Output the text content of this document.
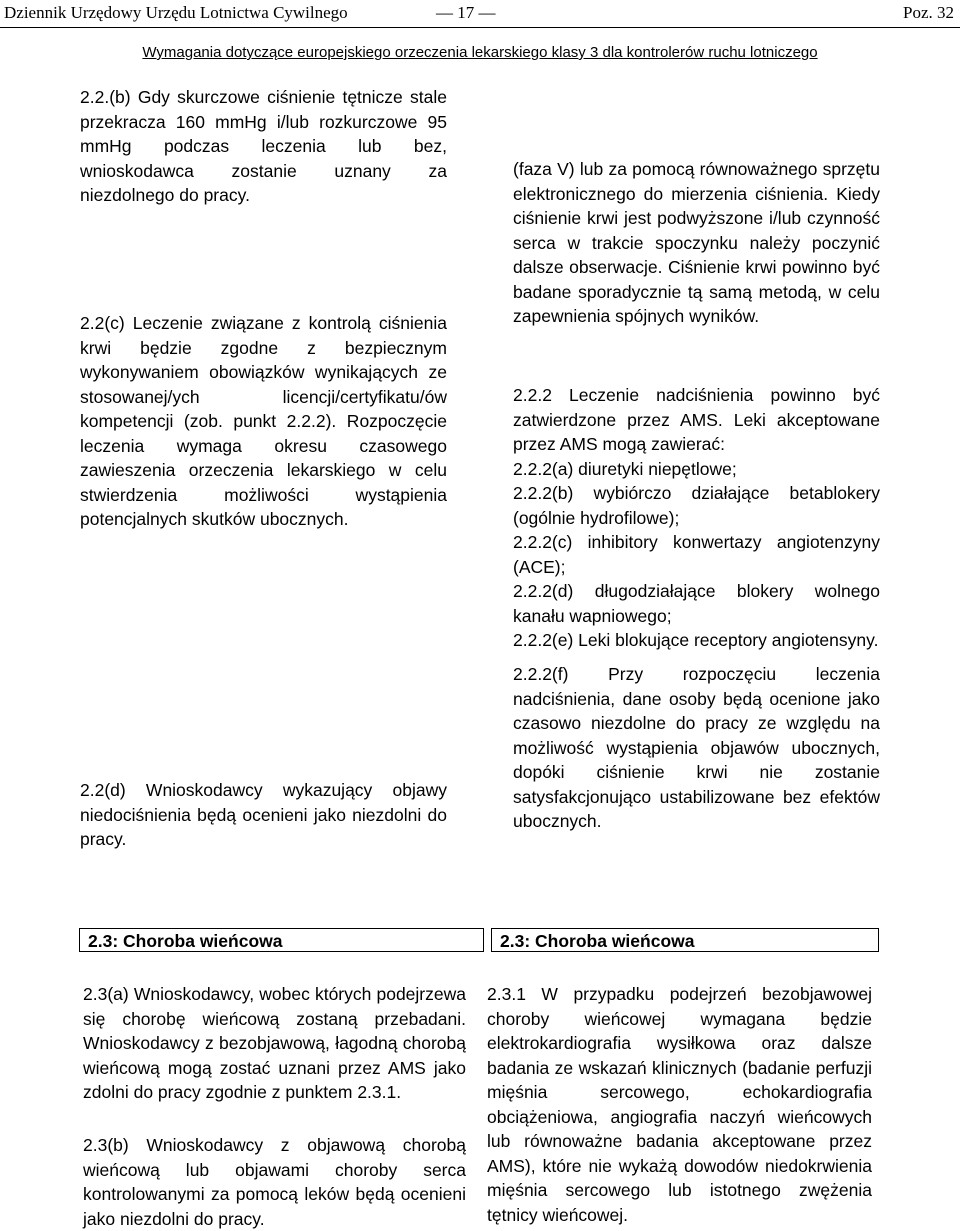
Dziennik Urzędowy Urzędu Lotnictwa Cywilnego	— 17 —	Poz. 32
Wymagania dotyczące europejskiego orzeczenia lekarskiego klasy 3 dla kontrolerów ruchu lotniczego
2.2.(b) Gdy skurczowe ciśnienie tętnicze stale przekracza 160 mmHg i/lub rozkurczowe 95 mmHg podczas leczenia lub bez, wnioskodawca zostanie uznany za niezdolnego do pracy.
2.2(c) Leczenie związane z kontrolą ciśnienia krwi będzie zgodne z bezpiecznym wykonywaniem obowiązków wynikających ze stosowanej/ych licencji/certyfikatu/ów kompetencji (zob. punkt 2.2.2). Rozpoczęcie leczenia wymaga okresu czasowego zawieszenia orzeczenia lekarskiego w celu stwierdzenia możliwości wystąpienia potencjalnych skutków ubocznych.
2.2(d) Wnioskodawcy wykazujący objawy niedociśnienia będą ocenieni jako niezdolni do pracy.
(faza V) lub za pomocą równoważnego sprzętu elektronicznego do mierzenia ciśnienia. Kiedy ciśnienie krwi jest podwyższone i/lub czynność serca w trakcie spoczynku należy poczynić dalsze obserwacje. Ciśnienie krwi powinno być badane sporadycznie tą samą metodą, w celu zapewnienia spójnych wyników.
2.2.2 Leczenie nadciśnienia powinno być zatwierdzone przez AMS. Leki akceptowane przez AMS mogą zawierać:
2.2.2(a) diuretyki niepętlowe;
2.2.2(b) wybiórczo działające betablokery (ogólnie hydrofilowe);
2.2.2(c) inhibitory konwertazy angiotenzyny (ACE);
2.2.2(d) długodziałające blokery wolnego kanału wapniowego;
2.2.2(e) Leki blokujące receptory angiotensyny.
2.2.2(f) Przy rozpoczęciu leczenia nadciśnienia, dane osoby będą ocenione jako czasowo niezdolne do pracy ze względu na możliwość wystąpienia objawów ubocznych, dopóki ciśnienie krwi nie zostanie satysfakcjonująco ustabilizowane bez efektów ubocznych.
2.3: Choroba wieńcowa	2.3: Choroba wieńcowa
2.3(a) Wnioskodawcy, wobec których podejrzewa się chorobę wieńcową zostaną przebadani. Wnioskodawcy z bezobjawową, łagodną chorobą wieńcową mogą zostać uznani przez AMS jako zdolni do pracy zgodnie z punktem 2.3.1.
2.3(b) Wnioskodawcy z objawową chorobą wieńcową lub objawami choroby serca kontrolowanymi za pomocą leków będą ocenieni jako niezdolni do pracy.
2.3.1 W przypadku podejrzeń bezobjawowej choroby wieńcowej wymagana będzie elektrokardiografia wysiłkowa oraz dalsze badania ze wskazań klinicznych (badanie perfuzji mięśnia sercowego, echokardiografia obciążeniowa, angiografia naczyń wieńcowych lub równoważne badania akceptowane przez AMS), które nie wykażą dowodów niedokrwienia mięśnia sercowego lub istotnego zwężenia tętnicy wieńcowej.
